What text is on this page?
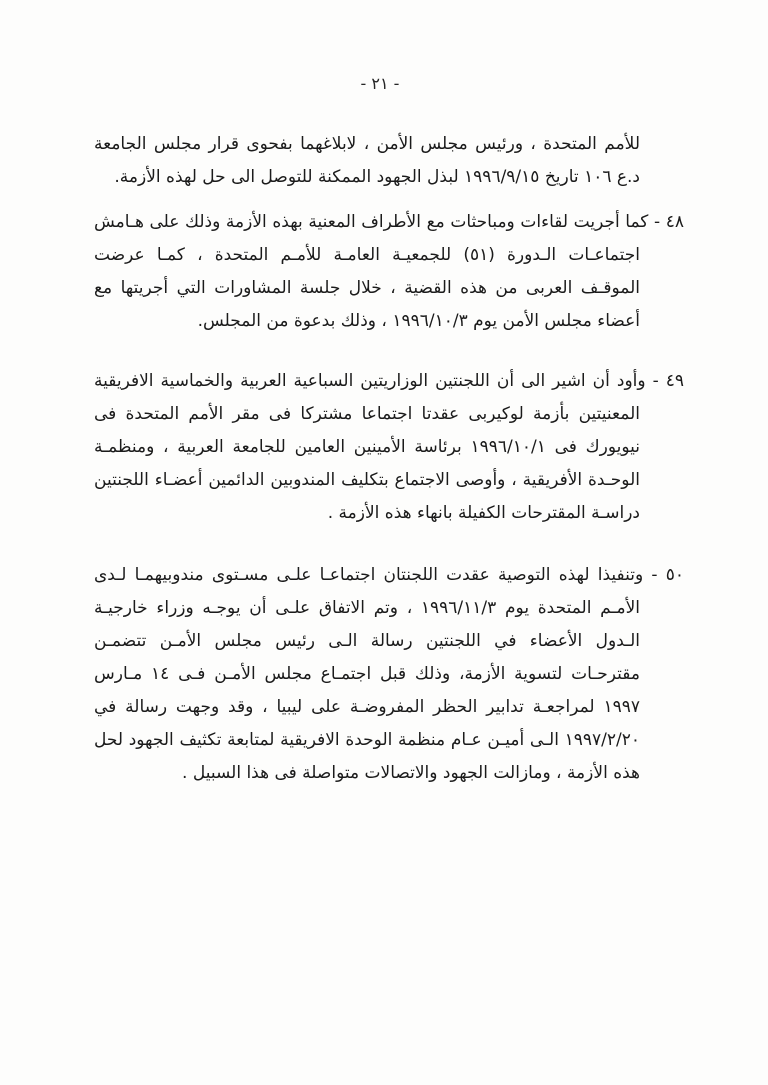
- ٢١ -

للأمم المتحدة ، ورئيس مجلس الأمن ، لابلاغهما بفحوى قرار مجلس الجامعة د.ع ١٠٦ تاريخ ١٩٩٦/٩/١٥ لبذل الجهود الممكنة للتوصل الى حل لهذه الأزمة.

٤٨ - كما أجريت لقاءات ومباحثات مع الأطراف المعنية بهذه الأزمة وذلك على هـامش اجتماعـات الـدورة (٥١) للجمعيـة العامـة للأمـم المتحدة ، كمـا عرضت الموقـف العربى من هذه القضية ، خلال جلسة المشاورات التي أجريتها مع أعضاء مجلس الأمن يوم ١٩٩٦/١٠/٣ ، وذلك بدعوة من المجلس.

٤٩ - وأود أن اشير الى أن اللجنتين الوزاريتين السباعية العربية والخماسية الافريقية المعنيتين بأزمة لوكيربى عقدتا اجتماعا مشتركا فى مقر الأمم المتحدة فى نيويورك فى ١٩٩٦/١٠/١ برئاسة الأمينين العامين للجامعة العربية ، ومنظمـة الوحـدة الأفريقية ، وأوصى الاجتماع بتكليف المندوبين الدائمين أعضـاء اللجنتين دراسـة المقترحات الكفيلة بانهاء هذه الأزمة .

٥٠ - وتنفيذا لهذه التوصية عقدت اللجنتان اجتماعـا علـى مسـتوى مندوبيهمـا لـدى الأمـم المتحدة يوم ١٩٩٦/١١/٣ ، وتم الاتفاق علـى أن يوجـه وزراء خارجيـة الـدول الأعضاء في اللجنتين رسالة الـى رئيس مجلس الأمـن تتضمـن مقترحـات لتسوية الأزمة، وذلك قبل اجتمـاع مجلس الأمـن فـى ١٤ مـارس ١٩٩٧ لمراجعـة تدابير الحظر المفروضـة على ليبيا ، وقد وجهت رسالة في ١٩٩٧/٢/٢٠ الـى أميـن عـام منظمة الوحدة الافريقية لمتابعة تكثيف الجهود لحل هذه الأزمة ، ومازالت الجهود والاتصالات متواصلة فى هذا السبيل .
